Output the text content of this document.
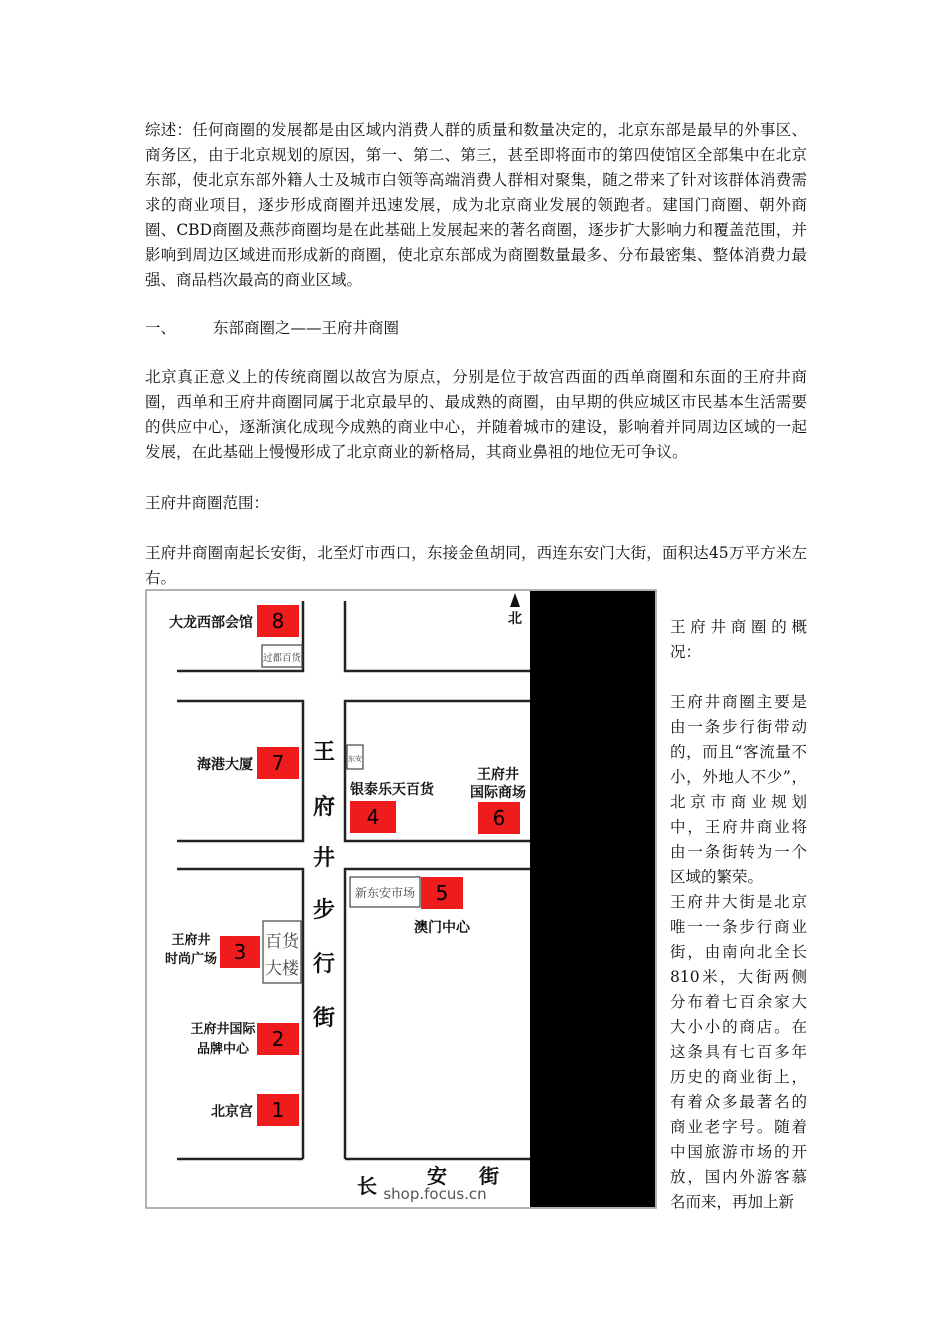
综述：任何商圈的发展都是由区域内消费人群的质量和数量决定的，北京东部是最早的外事区、商务区，由于北京规划的原因，第一、第二、第三，甚至即将面市的第四使馆区全部集中在北京东部，使北京东部外籍人士及城市白领等高端消费人群相对聚集，随之带来了针对该群体消费需求的商业项目，逐步形成商圈并迅速发展，成为北京商业发展的领跑者。建国门商圈、朝外商圈、CBD商圈及燕莎商圈均是在此基础上发展起来的著名商圈，逐步扩大影响力和覆盖范围，并影响到周边区域进而形成新的商圈，使北京东部成为商圈数量最多、分布最密集、整体消费力最强、商品档次最高的商业区域。

一、 东部商圈之——王府井商圈

北京真正意义上的传统商圈以故宫为原点，分别是位于故宫西面的西单商圈和东面的王府井商圈，西单和王府井商圈同属于北京最早的、最成熟的商圈，由早期的供应城区市民基本生活需要的供应中心，逐渐演化成现今成熟的商业中心，并随着城市的建设，影响着并同周边区域的一起发展，在此基础上慢慢形成了北京商业的新格局，其商业鼻祖的地位无可争议。

王府井商圈范围：

王府井商圈南起长安街，北至灯市西口，东接金鱼胡同，西连东安门大街，面积达45万平方米左右。

北
王
府
井
步
行
街
长	安 街
shop.focus.cn
过都百货
东安
新东安市场
百货
大楼
8
大龙西部会馆
7
海港大厦
银泰乐天百货
4
王府井
国际商场
6
5
澳门中心
3
王府井
时尚广场
2
王府井国际
品牌中心
1
北京宫

王府井商圈的概况：

王府井商圈主要是由一条步行街带动的，而且“客流量不小，外地人不少”，北京市商业规划中，王府井商业将由一条街转为一个区域的繁荣。

王府井大街是北京唯一一条步行商业街，由南向北全长810米，大街两侧分布着七百余家大大小小的商店。在这条具有七百多年历史的商业街上，有着众多最著名的商业老字号。随着中国旅游市场的开放，国内外游客慕名而来，再加上新
